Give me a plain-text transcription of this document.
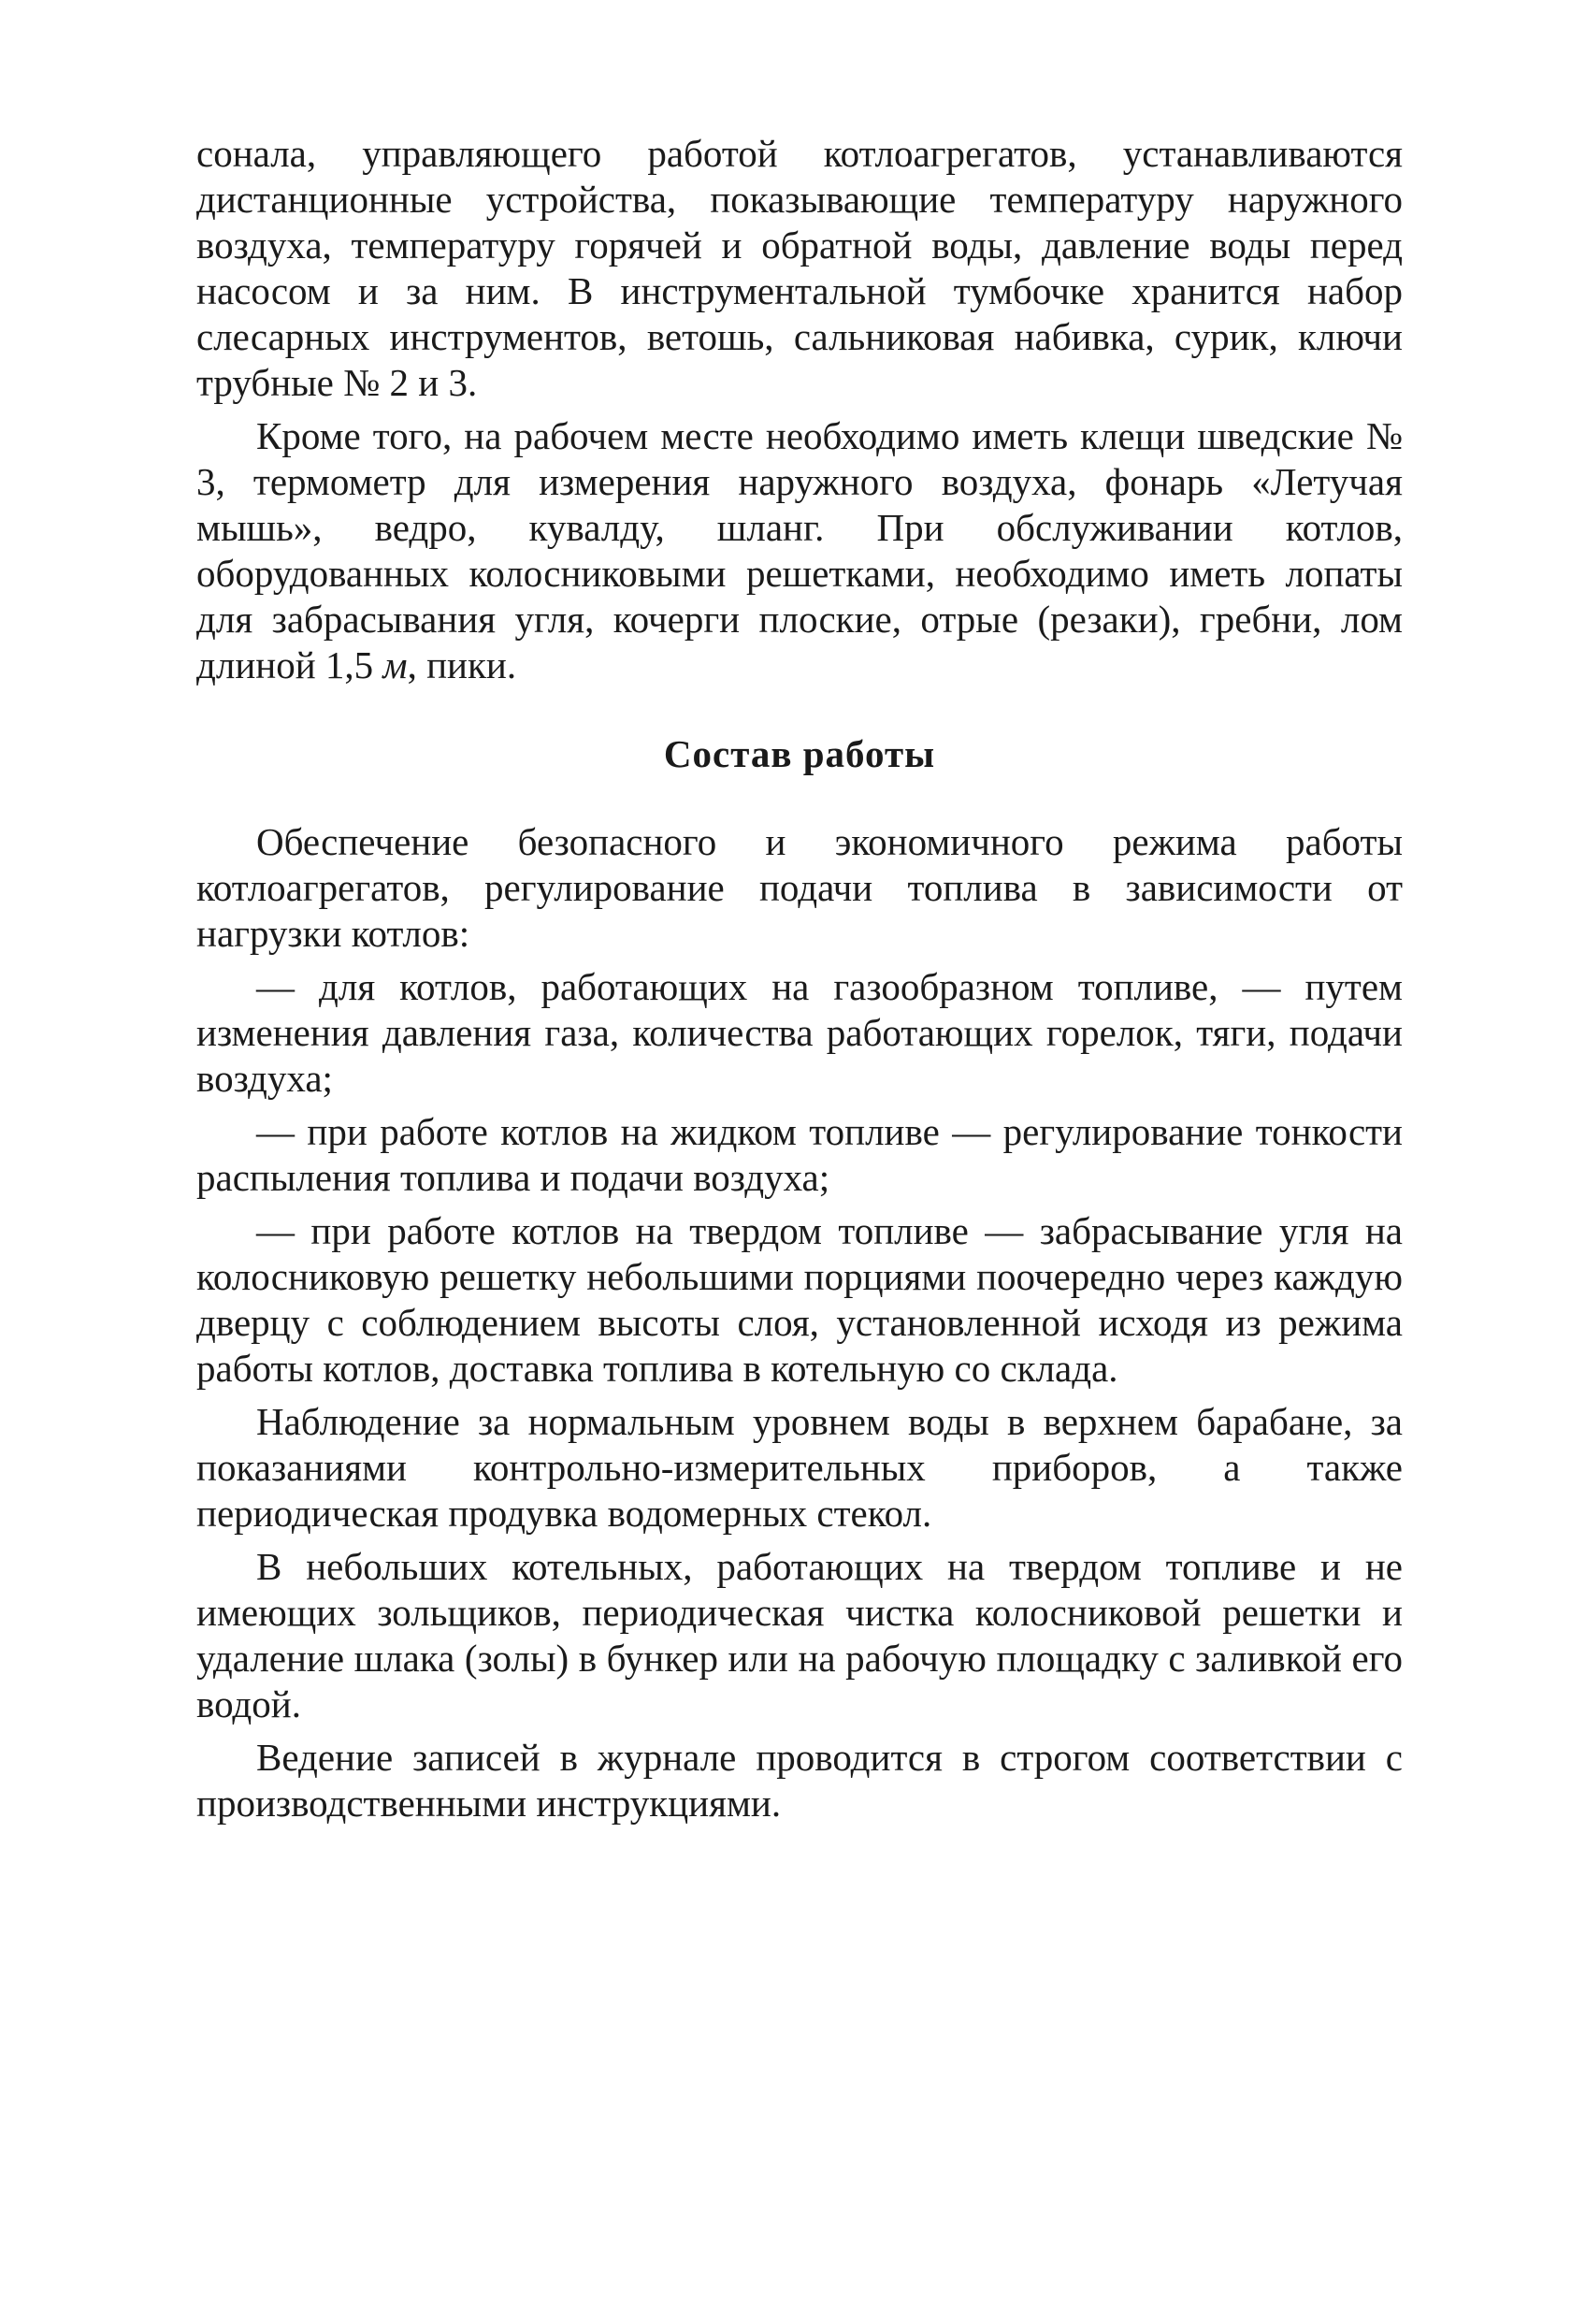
сонала, управляющего работой котлоагрегатов, устанавливаются дистанционные устройства, показывающие температуру наружного воздуха, температуру горячей и обратной воды, давление воды перед насосом и за ним. В инструментальной тумбочке хранится набор слесарных инструментов, ветошь, сальниковая набивка, сурик, ключи трубные № 2 и 3.

Кроме того, на рабочем месте необходимо иметь клещи шведские № 3, термометр для измерения наружного воздуха, фонарь «Летучая мышь», ведро, кувалду, шланг. При обслуживании котлов, оборудованных колосниковыми решетками, необходимо иметь лопаты для забрасывания угля, кочерги плоские, отрые (резаки), гребни, лом длиной 1,5 м, пики.

Состав работы

Обеспечение безопасного и экономичного режима работы котлоагрегатов, регулирование подачи топлива в зависимости от нагрузки котлов:

— для котлов, работающих на газообразном топливе, — путем изменения давления газа, количества работающих горелок, тяги, подачи воздуха;

— при работе котлов на жидком топливе — регулирование тонкости распыления топлива и подачи воздуха;

— при работе котлов на твердом топливе — забрасывание угля на колосниковую решетку небольшими порциями поочередно через каждую дверцу с соблюдением высоты слоя, установленной исходя из режима работы котлов, доставка топлива в котельную со склада.

Наблюдение за нормальным уровнем воды в верхнем барабане, за показаниями контрольно-измерительных приборов, а также периодическая продувка водомерных стекол.

В небольших котельных, работающих на твердом топливе и не имеющих зольщиков, периодическая чистка колосниковой решетки и удаление шлака (золы) в бункер или на рабочую площадку с заливкой его водой.

Ведение записей в журнале проводится в строгом соответствии с производственными инструкциями.
